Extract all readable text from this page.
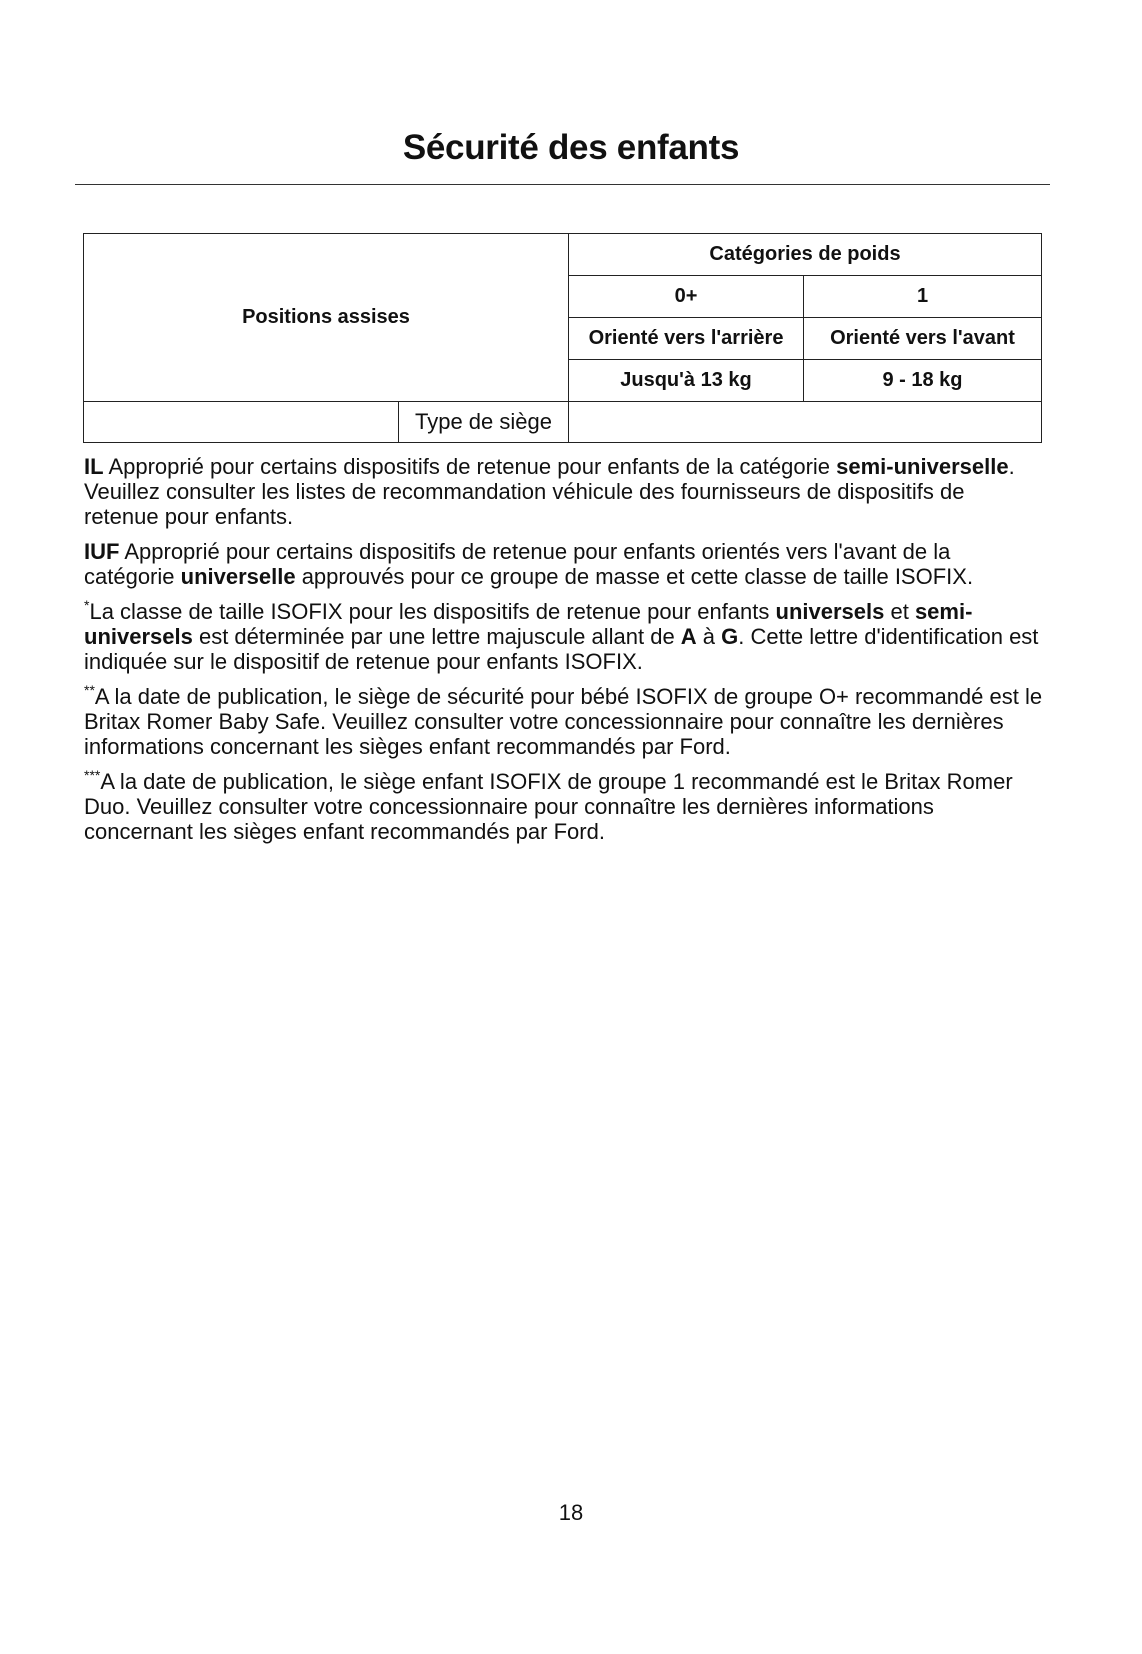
Sécurité des enfants
Positions assises		Catégories de poids	
		0+	1
		Orienté vers l'arrière	Orienté vers l'avant
		Jusqu'à 13 kg	9 - 18 kg
	Type de siège		

IL Approprié pour certains dispositifs de retenue pour enfants de la catégorie semi-universelle. Veuillez consulter les listes de recommandation véhicule des fournisseurs de dispositifs de retenue pour enfants.

IUF Approprié pour certains dispositifs de retenue pour enfants orientés vers l'avant de la catégorie universelle approuvés pour ce groupe de masse et cette classe de taille ISOFIX.

*La classe de taille ISOFIX pour les dispositifs de retenue pour enfants universels et semi-universels est déterminée par une lettre majuscule allant de A à G. Cette lettre d'identification est indiquée sur le dispositif de retenue pour enfants ISOFIX.

**A la date de publication, le siège de sécurité pour bébé ISOFIX de groupe O+ recommandé est le Britax Romer Baby Safe. Veuillez consulter votre concessionnaire pour connaître les dernières informations concernant les sièges enfant recommandés par Ford.

***A la date de publication, le siège enfant ISOFIX de groupe 1 recommandé est le Britax Romer Duo. Veuillez consulter votre concessionnaire pour connaître les dernières informations concernant les sièges enfant recommandés par Ford.

18
